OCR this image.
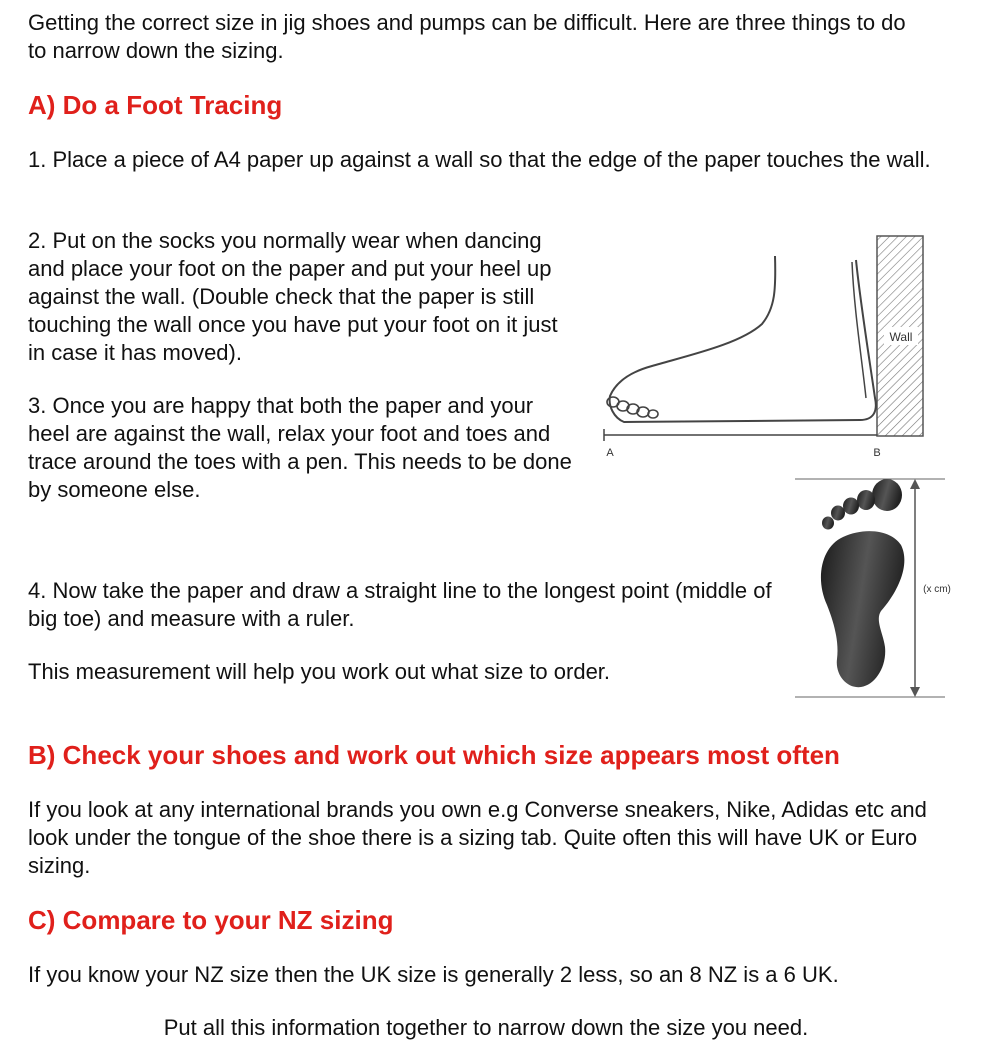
Getting the correct size in jig shoes and pumps can be difficult. Here are three things to do to narrow down the sizing.

A) Do a Foot Tracing

1. Place a piece of A4 paper up against a wall so that the edge of the paper touches the wall.

2. Put on the socks you normally wear when dancing and place your foot on the paper and put your heel up against the wall. (Double check that the paper is still touching the wall once you have put your foot on it just in case it has moved).

3. Once you are happy that both the paper and your heel are against the wall, relax your foot and toes and trace around the toes with a pen. This needs to be done by someone else.

Wall
A	B

4. Now take the paper and draw a straight line to the longest point (middle of big toe) and measure with a ruler.

This measurement will help you work out what size to order.

(x cm)
B) Check your shoes and work out which size appears most often

If you look at any international brands you own e.g Converse sneakers, Nike, Adidas etc and look under the tongue of the shoe there is a sizing tab. Quite often this will have UK or Euro sizing.

C) Compare to your NZ sizing

If you know your NZ size then the UK size is generally 2 less, so an 8 NZ is a 6 UK.

Put all this information together to narrow down the size you need.
